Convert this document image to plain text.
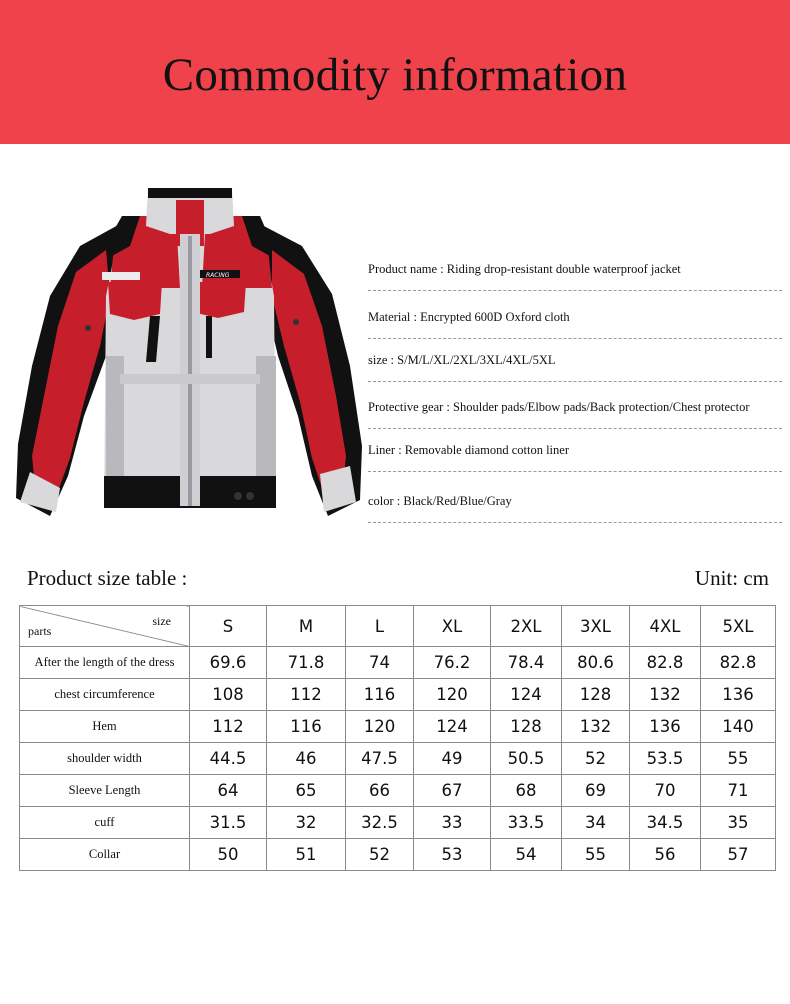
Commodity information
RACING	Product name : Riding drop-resistant double waterproof jacket
Material : Encrypted 600D Oxford cloth
size : S/M/L/XL/2XL/3XL/4XL/5XL
Protective gear : Shoulder pads/Elbow pads/Back protection/Chest protector
Liner : Removable diamond cotton liner
color : Black/Red/Blue/Gray
Product size table :	Unit: cm
size
parts	S	M	L	XL	2XL	3XL	4XL	5XL
After the length of the dress	69.6	71.8	74	76.2	78.4	80.6	82.8	82.8
chest circumference	108	112	116	120	124	128	132	136
Hem	112	116	120	124	128	132	136	140
shoulder width	44.5	46	47.5	49	50.5	52	53.5	55
Sleeve Length	64	65	66	67	68	69	70	71
cuff	31.5	32	32.5	33	33.5	34	34.5	35
Collar	50	51	52	53	54	55	56	57
